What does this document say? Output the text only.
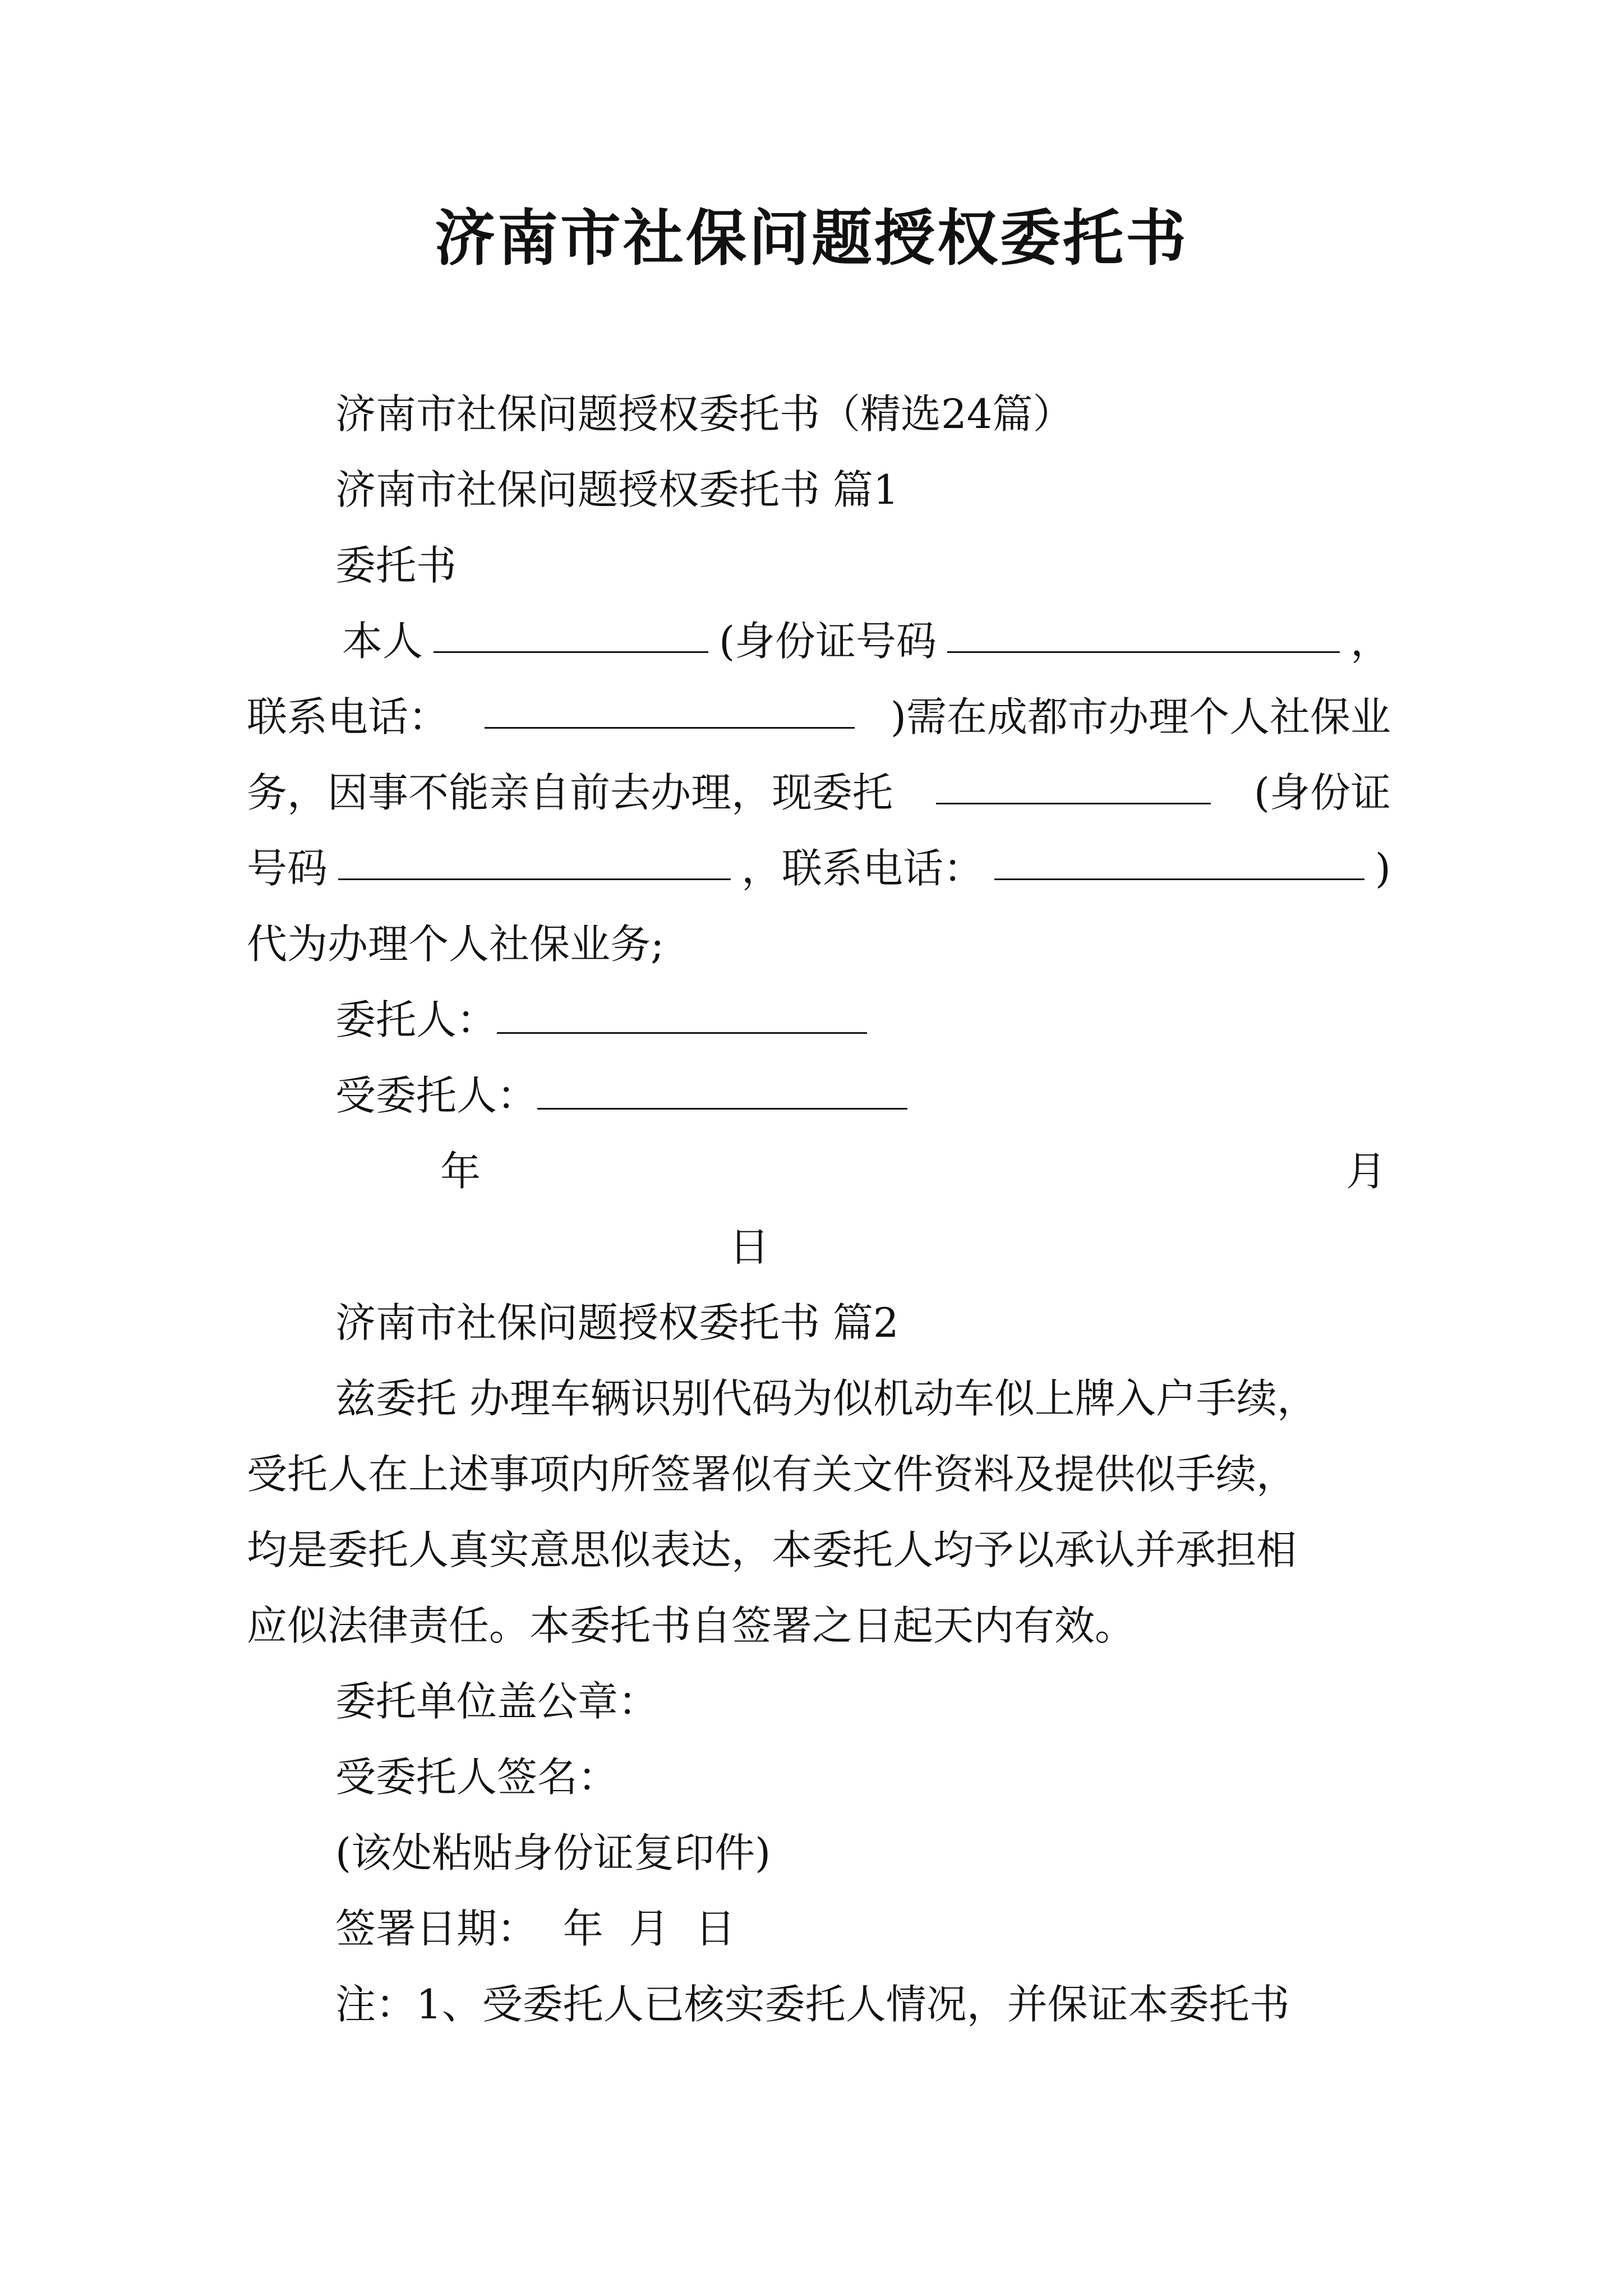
济南市社保问题授权委托书
济南市社保问题授权委托书（精选24篇）
济南市社保问题授权委托书 篇1
委托书
本人	(身份证号码	，
联系电话：	)需在成都市办理个人社保业
务，因事不能亲自前去办理，现委托	(身份证
号码	，联系电话：	)
代为办理个人社保业务;
委托人：
受委托人：
年	月
日
济南市社保问题授权委托书 篇2
兹委托 办理车辆识别代码为似机动车似上牌入户手续，
受托人在上述事项内所签署似有关文件资料及提供似手续，
均是委托人真实意思似表达，本委托人均予以承认并承担相
应似法律责任。本委托书自签署之日起天内有效。
委托单位盖公章：
受委托人签名：
(该处粘贴身份证复印件)
签署日期：  年  月  日
注：1、受委托人已核实委托人情况，并保证本委托书
